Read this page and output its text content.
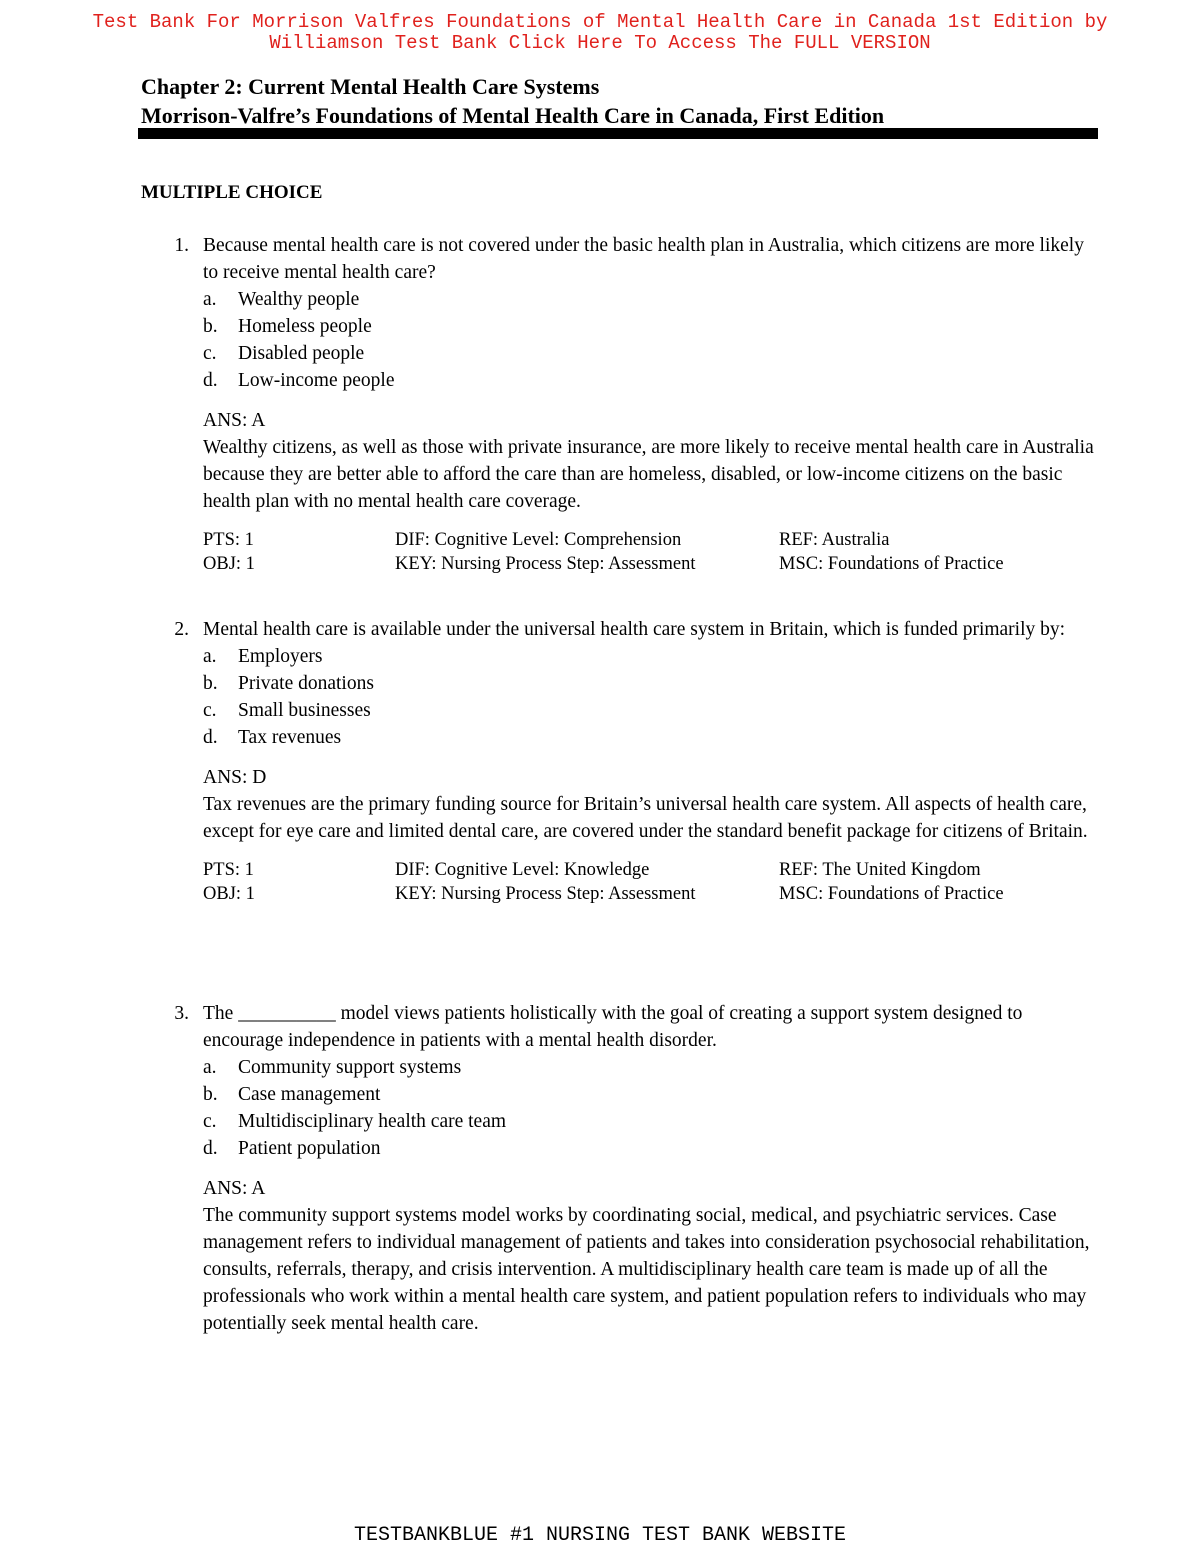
Test Bank For Morrison Valfres Foundations of Mental Health Care in Canada 1st Edition by
Williamson Test Bank Click Here To Access The FULL VERSION
Chapter 2: Current Mental Health Care Systems
Morrison-Valfre’s Foundations of Mental Health Care in Canada, First Edition
MULTIPLE CHOICE
1. Because mental health care is not covered under the basic health plan in Australia, which citizens are more likely to receive mental health care?
a. Wealthy people
b. Homeless people
c. Disabled people
d. Low-income people
ANS: A
Wealthy citizens, as well as those with private insurance, are more likely to receive mental health care in Australia because they are better able to afford the care than are homeless, disabled, or low-income citizens on the basic health plan with no mental health care coverage.
PTS: 1	DIF: Cognitive Level: Comprehension	REF: Australia
OBJ: 1	KEY: Nursing Process Step: Assessment	MSC: Foundations of Practice
2. Mental health care is available under the universal health care system in Britain, which is funded primarily by:
a. Employers
b. Private donations
c. Small businesses
d. Tax revenues
ANS: D
Tax revenues are the primary funding source for Britain’s universal health care system. All aspects of health care, except for eye care and limited dental care, are covered under the standard benefit package for citizens of Britain.
PTS: 1	DIF: Cognitive Level: Knowledge	REF: The United Kingdom
OBJ: 1	KEY: Nursing Process Step: Assessment	MSC: Foundations of Practice
3. The __________ model views patients holistically with the goal of creating a support system designed to encourage independence in patients with a mental health disorder.
a. Community support systems
b. Case management
c. Multidisciplinary health care team
d. Patient population
ANS: A
The community support systems model works by coordinating social, medical, and psychiatric services. Case management refers to individual management of patients and takes into consideration psychosocial rehabilitation, consults, referrals, therapy, and crisis intervention. A multidisciplinary health care team is made up of all the professionals who work within a mental health care system, and patient population refers to individuals who may potentially seek mental health care.
TESTBANKBLUE #1 NURSING TEST BANK WEBSITE
